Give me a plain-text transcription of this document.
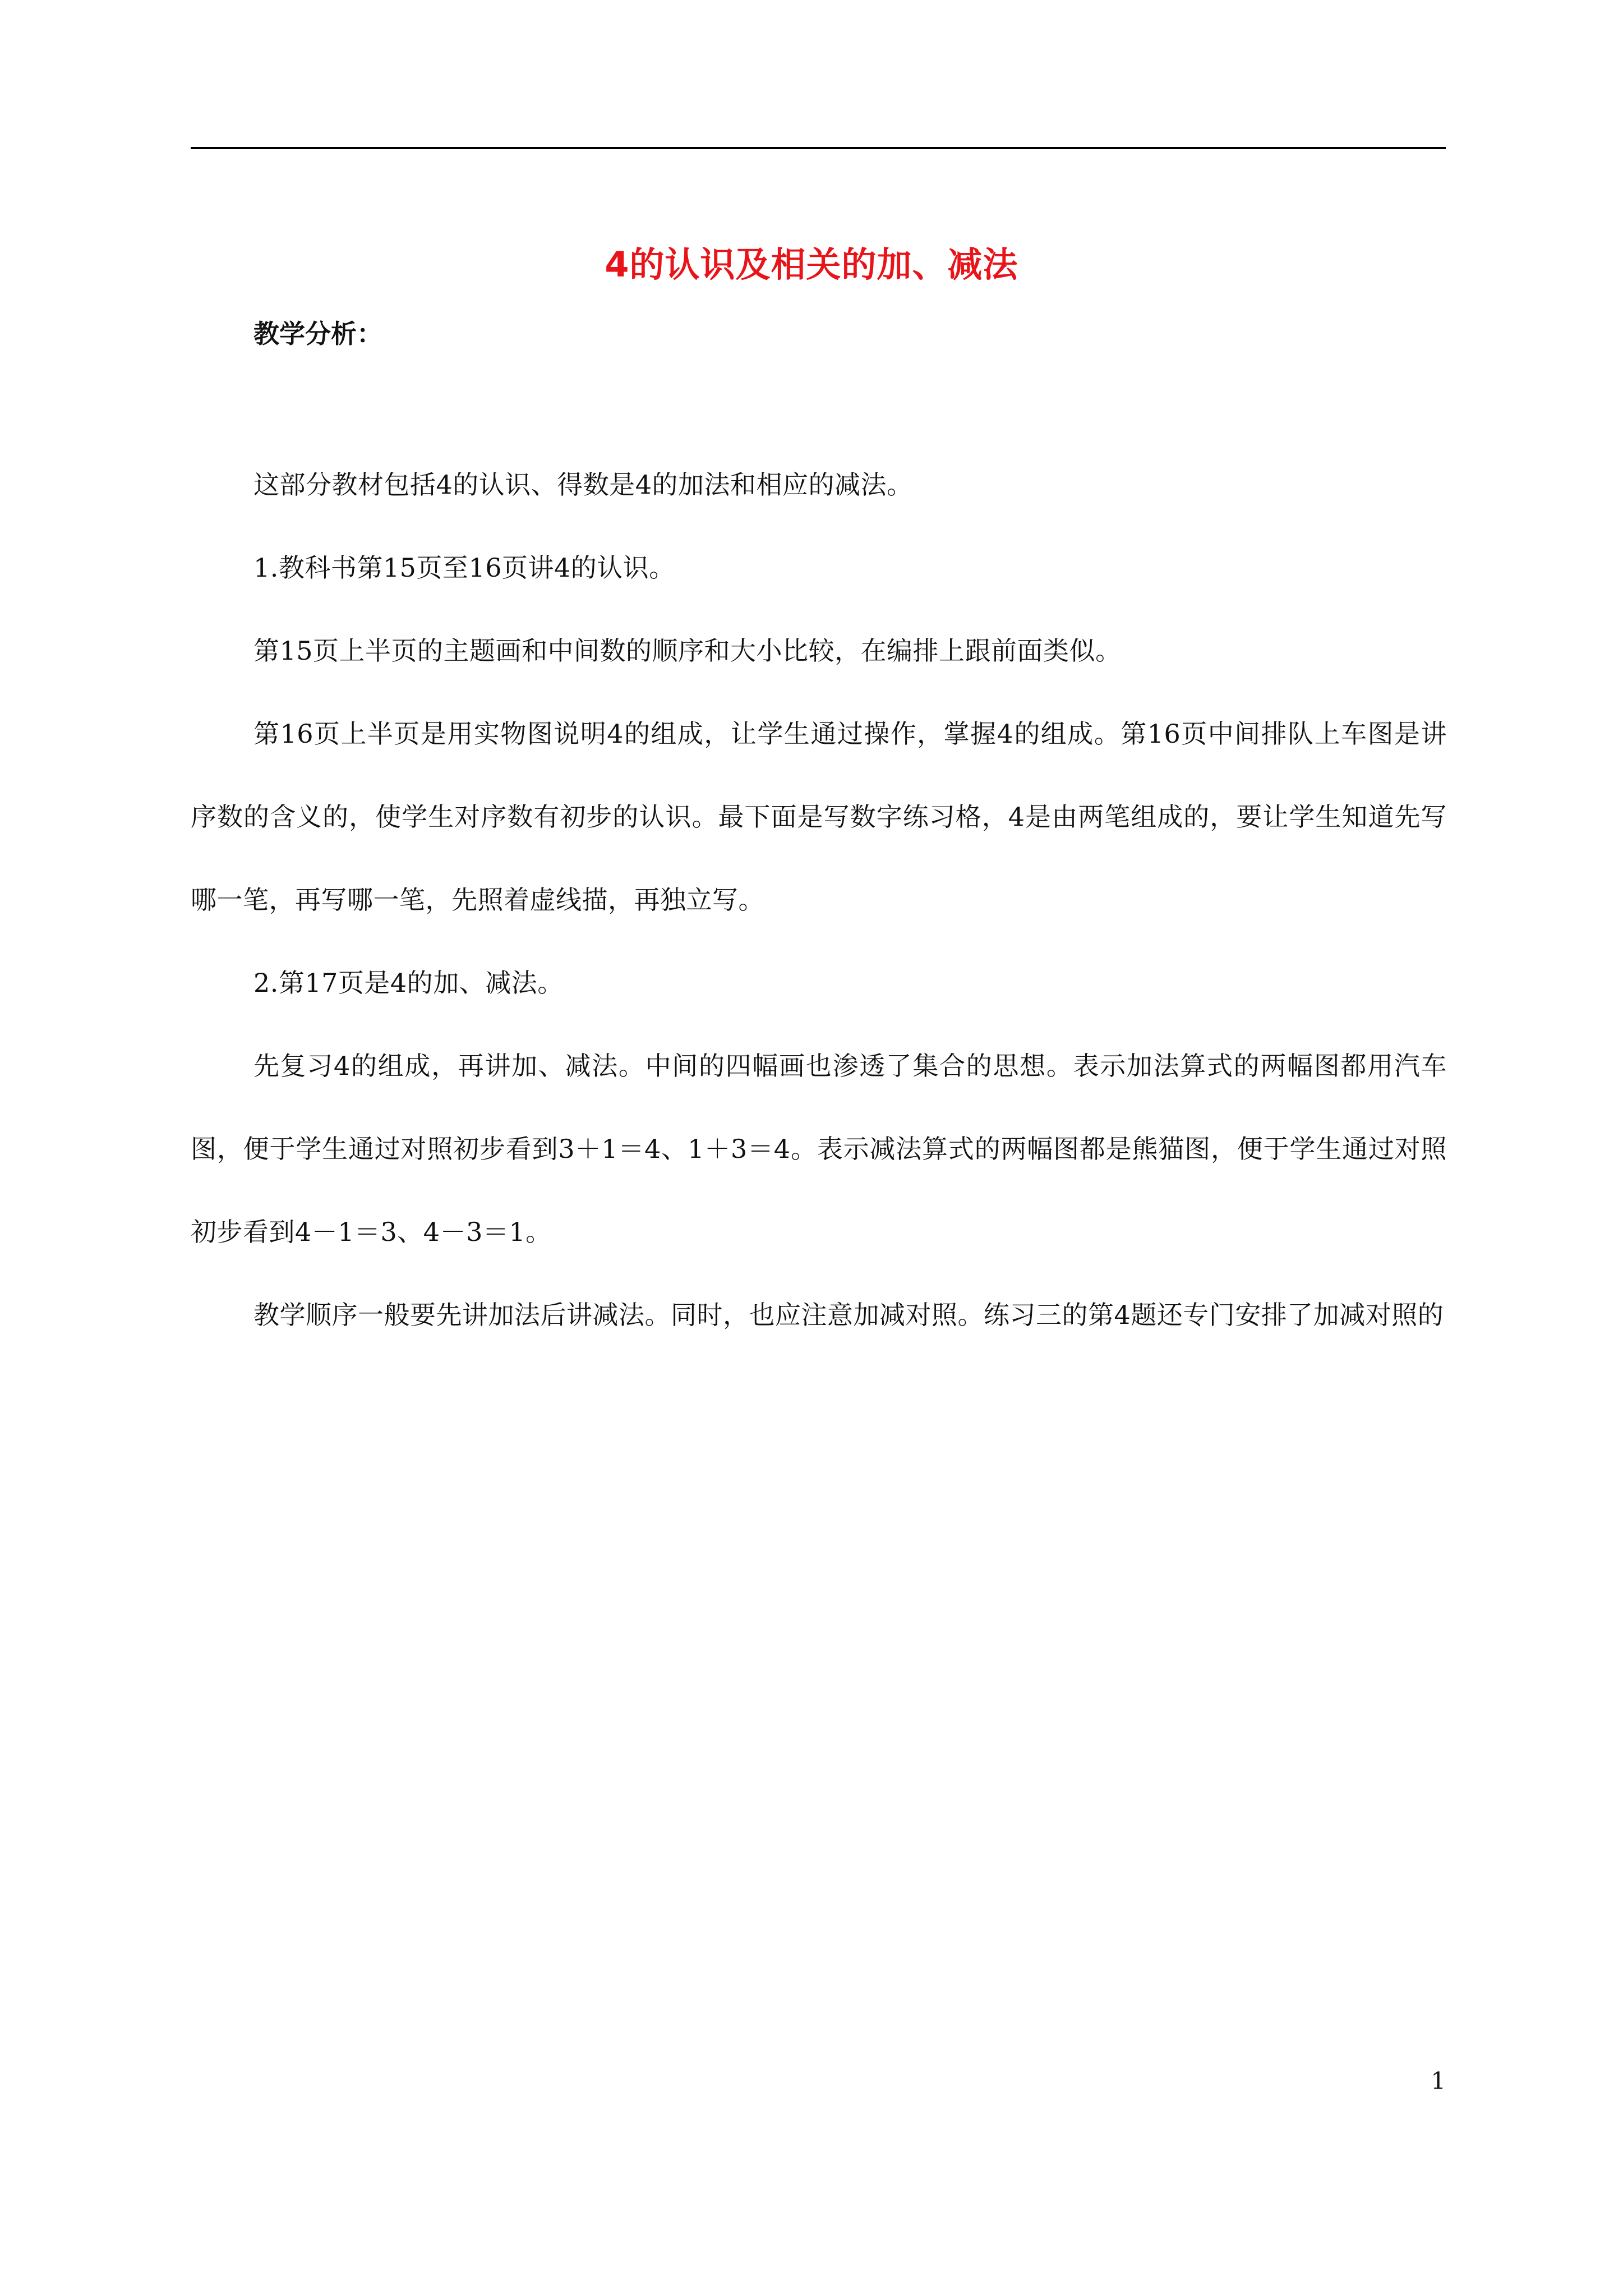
4的认识及相关的加、减法
教学分析：

这部分教材包括4的认识、得数是4的加法和相应的减法。

1.教科书第15页至16页讲4的认识。

第15页上半页的主题画和中间数的顺序和大小比较，在编排上跟前面类似。

第16页上半页是用实物图说明4的组成，让学生通过操作，掌握4的组成。第16页中间排队上车图是讲序数的含义的，使学生对序数有初步的认识。最下面是写数字练习格，4是由两笔组成的，要让学生知道先写哪一笔，再写哪一笔，先照着虚线描，再独立写。

2.第17页是4的加、减法。

先复习4的组成，再讲加、减法。中间的四幅画也渗透了集合的思想。表示加法算式的两幅图都用汽车图，便于学生通过对照初步看到3＋1＝4、1＋3＝4。表示减法算式的两幅图都是熊猫图，便于学生通过对照初步看到4－1＝3、4－3＝1。

教学顺序一般要先讲加法后讲减法。同时，也应注意加减对照。练习三的第4题还专门安排了加减对照的

1
